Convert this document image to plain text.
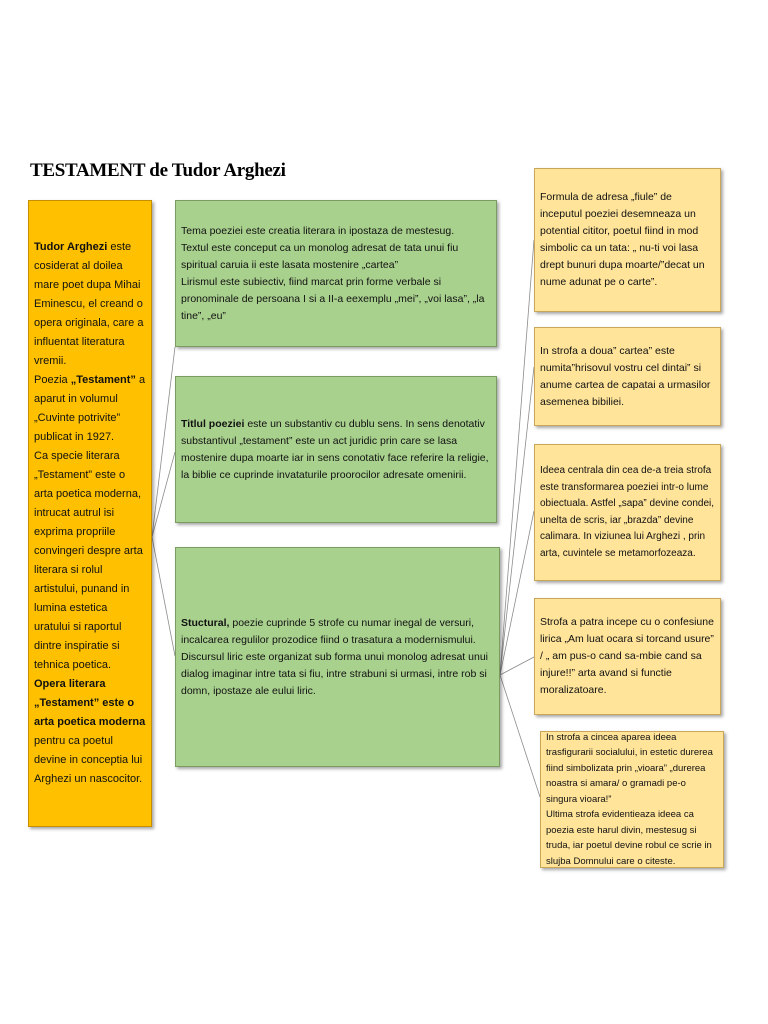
TESTAMENT de Tudor Arghezi

Tudor Arghezi este cosiderat al doilea mare poet dupa Mihai Eminescu, el creand o opera originala, care a influentat literatura vremii.

Poezia „Testament” a aparut in volumul „Cuvinte potrivite” publicat in 1927.

Ca specie literara „Testament” este o arta poetica moderna, intrucat autrul isi exprima propriile convingeri despre arta literara si rolul artistului, punand in lumina estetica uratului si raportul dintre inspiratie si tehnica poetica.

Opera literara „Testament” este o arta poetica moderna pentru ca poetul devine in conceptia lui Arghezi un nascocitor.

Tema poeziei este creatia literara in ipostaza de mestesug.

Textul este conceput ca un monolog adresat de tata unui fiu spiritual caruia ii este lasata mostenire „cartea”

Lirismul este subiectiv, fiind marcat prin forme verbale si pronominale de persoana I si a II-a eexemplu „mei”, „voi lasa”, „la tine”, „eu”

Titlul poeziei este un substantiv cu dublu sens. In sens denotativ substantivul „testament” este un act juridic prin care se lasa mostenire dupa moarte iar in sens conotativ face referire la religie, la biblie ce cuprinde invataturile proorocilor adresate omenirii.

Stuctural, poezie cuprinde 5 strofe cu numar inegal de versuri, incalcarea regulilor prozodice fiind o trasatura a modernismului.

Discursul liric este organizat sub forma unui monolog adresat unui dialog imaginar intre tata si fiu, intre strabuni si urmasi, intre rob si domn, ipostaze ale eului liric.

Formula de adresa „fiule” de inceputul poeziei desemneaza un potential cititor, poetul fiind in mod simbolic ca un tata: „ nu-ti voi lasa drept bunuri dupa moarte/”decat un nume adunat pe o carte”.

In strofa a doua” cartea” este numita”hrisovul vostru cel dintai” si anume cartea de capatai a urmasilor asemenea bibiliei.

Ideea centrala din cea de-a treia strofa este transformarea poeziei intr-o lume obiectuala. Astfel „sapa” devine condei, unelta de scris, iar „brazda” devine calimara. In viziunea lui Arghezi , prin arta, cuvintele se metamorfozeaza.

Strofa a patra incepe cu o confesiune lirica „Am luat ocara si torcand usure” / „ am pus-o cand sa-mbie cand sa injure!!” arta avand si functie moralizatoare.

In strofa a cincea apareа ideea trasfigurarii socialului, in estetic durerea fiind simbolizata prin „vioara” „durerea noastra si amara/ o gramadi pe-o singura vioara!”

Ultima strofa evidentieaza ideea ca poezia este harul divin, mestesug si truda, iar poetul devine robul ce scrie in slujba Domnului care o citeste.
